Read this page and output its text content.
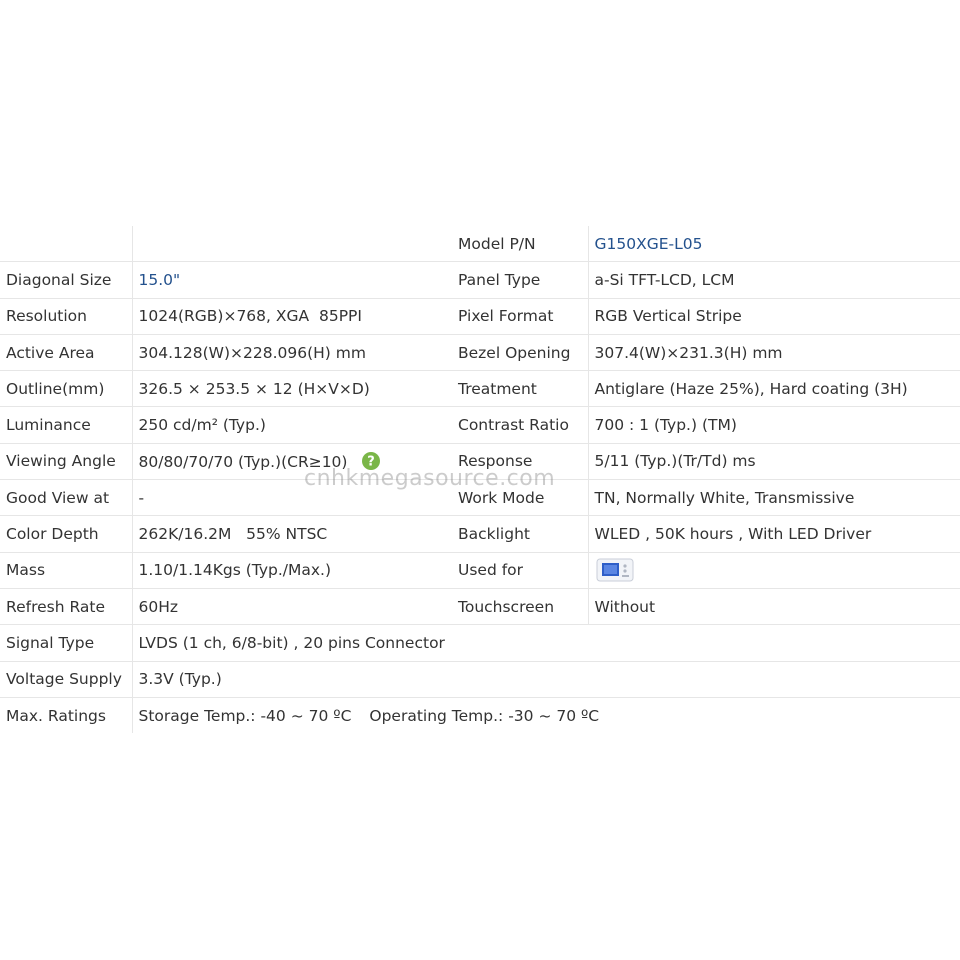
		Model P/N	G150XGE-L05
Diagonal Size	15.0"	Panel Type	a-Si TFT-LCD, LCM
Resolution	1024(RGB)×768, XGA  85PPI	Pixel Format	RGB Vertical Stripe
Active Area	304.128(W)×228.096(H) mm	Bezel Opening	307.4(W)×231.3(H) mm
Outline(mm)	326.5 × 253.5 × 12 (H×V×D)	Treatment	Antiglare (Haze 25%), Hard coating (3H)
Luminance	250 cd/m² (Typ.)	Contrast Ratio	700 : 1 (Typ.) (TM)
Viewing Angle	80/80/70/70 (Typ.)(CR≥10) ?	Response	5/11 (Typ.)(Tr/Td) ms
Good View at	-	Work Mode	TN, Normally White, Transmissive
Color Depth	262K/16.2M   55% NTSC	Backlight	WLED , 50K hours , With LED Driver
Mass	1.10/1.14Kgs (Typ./Max.)	Used for	
Refresh Rate	60Hz	Touchscreen	Without
Signal Type	LVDS (1 ch, 6/8-bit) , 20 pins Connector		
Voltage Supply	3.3V (Typ.)		
Max. Ratings	Storage Temp.: -40 ~ 70 ºC Operating Temp.: -30 ~ 70 ºC		
cnhkmegasource.com
